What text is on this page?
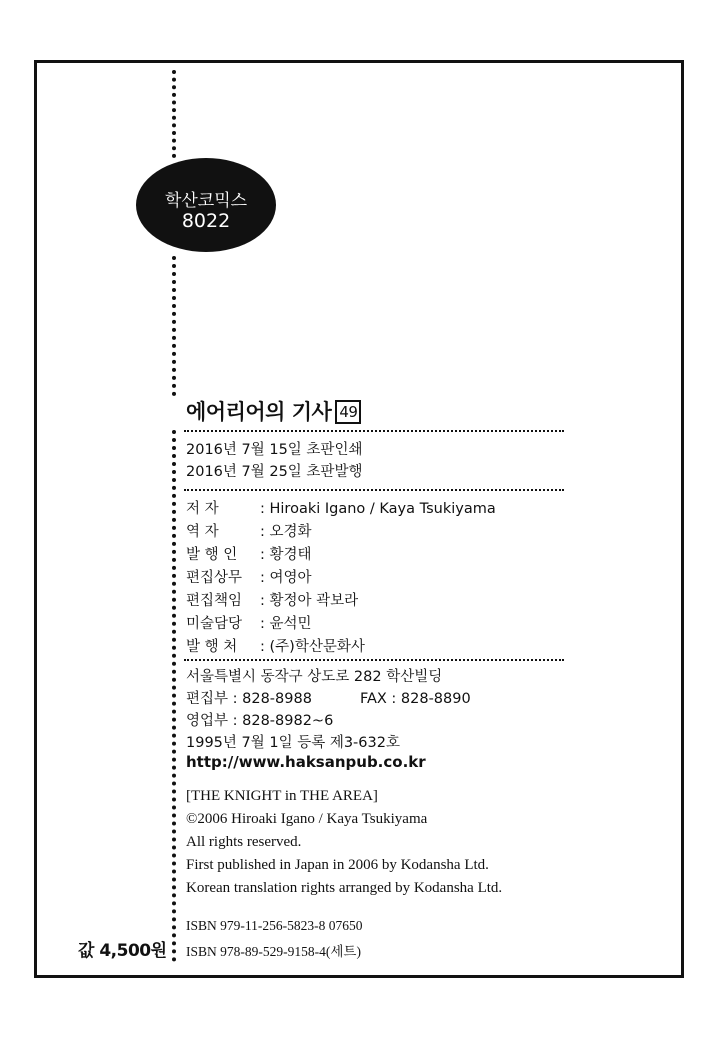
학산코믹스
8022
에어리어의 기사 49
2016년 7월 15일 초판인쇄
2016년 7월 25일 초판발행
저 자	: Hiroaki Igano / Kaya Tsukiyama
역 자	: 오경화
발 행 인 : 황경태
편집상무 : 여영아
편집책임 : 황정아 곽보라
미술담당 : 윤석민
발 행 처 : (주)학산문화사
서울특별시 동작구 상도로 282 학산빌딩
편집부 : 828-8988	FAX : 828-8890
영업부 : 828-8982~6
1995년 7월 1일 등록 제3-632호
http://www.haksanpub.co.kr
[THE KNIGHT in THE AREA]
©2006 Hiroaki Igano / Kaya Tsukiyama
All rights reserved.
First published in Japan in 2006 by Kodansha Ltd.
Korean translation rights arranged by Kodansha Ltd.
ISBN 979-11-256-5823-8 07650
ISBN 978-89-529-9158-4(세트)
값 4,500원
